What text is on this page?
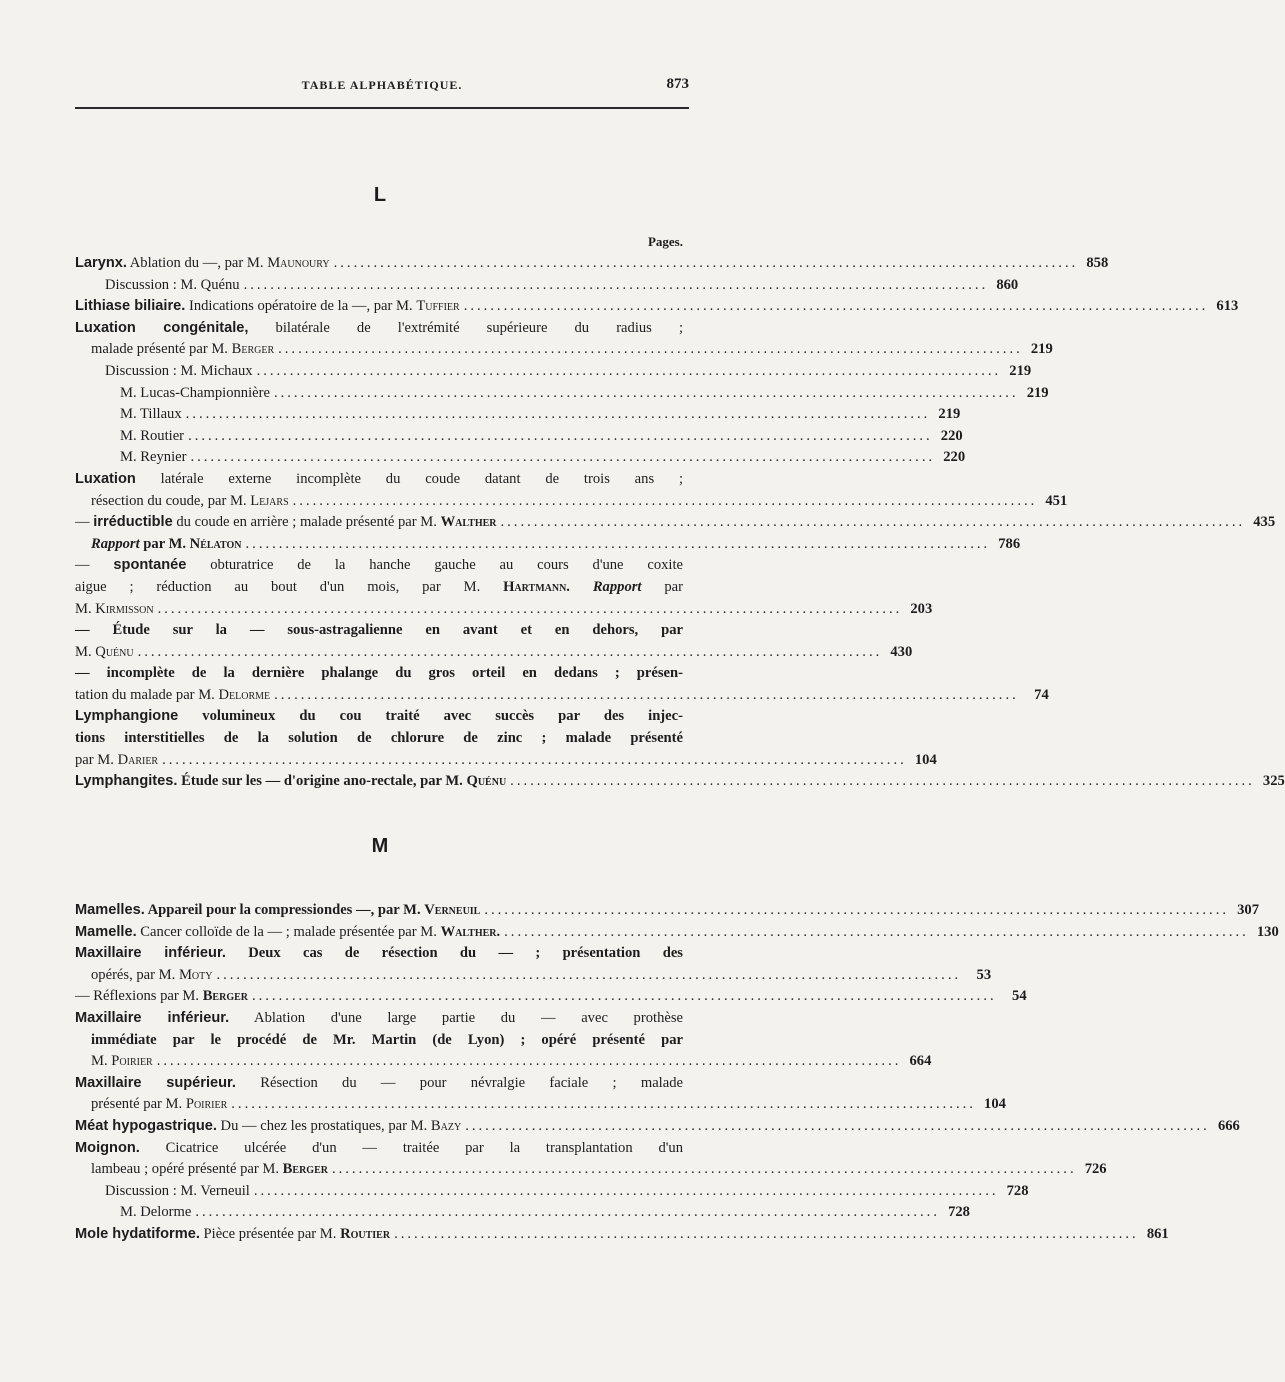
TABLE ALPHABÉTIQUE.	873
L
Pages.

Larynx. Ablation du —, par M. Maunoury ................................................................................................................ 858
Discussion : M. Quénu ................................................................................................................ 860

Lithiase biliaire. Indications opératoire de la —, par M. Tuffier ................................................................................................................ 613

Luxation congénitale, bilatérale de l'extrémité supérieure du radius ;
malade présenté par M. Berger ................................................................................................................ 219
Discussion : M. Michaux ................................................................................................................ 219
M. Lucas-Championnière ................................................................................................................ 219
M. Tillaux ................................................................................................................ 219
M. Routier ................................................................................................................ 220
M. Reynier ................................................................................................................ 220

Luxation latérale externe incomplète du coude datant de trois ans ;
résection du coude, par M. Lejars ................................................................................................................ 451

— irréductible du coude en arrière ; malade présenté par M. Walther ................................................................................................................ 435
Rapport par M. Nélaton ................................................................................................................ 786

— spontanée obturatrice de la hanche gauche au cours d'une coxite
aigue ; réduction au bout d'un mois, par M. Hartmann. Rapport par
M. Kirmisson ................................................................................................................ 203

— Étude sur la — sous-astragalienne en avant et en dehors, par
M. Quénu ................................................................................................................ 430

— incomplète de la dernière phalange du gros orteil en dedans ; présen-
tation du malade par M. Delorme ................................................................................................................	74

Lymphangione volumineux du cou traité avec succès par des injec-
tions interstitielles de la solution de chlorure de zinc ; malade présenté
par M. Darier ................................................................................................................ 104

Lymphangites. Étude sur les — d'origine ano-rectale, par M. Quénu ................................................................................................................ 325

M

Mamelles. Appareil pour la compressiondes —, par M. Verneuil ................................................................................................................ 307

Mamelle. Cancer colloïde de la — ; malade présentée par M. Walther. ................................................................................................................ 130

Maxillaire inférieur. Deux cas de résection du — ; présentation des
opérés, par M. Moty ................................................................................................................	53

— Réflexions par M. Berger ................................................................................................................	54

Maxillaire inférieur. Ablation d'une large partie du — avec prothèse
immédiate par le procédé de Mr. Martin (de Lyon) ; opéré présenté par
M. Poirier ................................................................................................................ 664

Maxillaire supérieur. Résection du — pour névralgie faciale ; malade
présenté par M. Poirier ................................................................................................................ 104

Méat hypogastrique. Du — chez les prostatiques, par M. Bazy ................................................................................................................ 666

Moignon. Cicatrice ulcérée d'un — traitée par la transplantation d'un
lambeau ; opéré présenté par M. Berger ................................................................................................................ 726
Discussion : M. Verneuil ................................................................................................................ 728
M. Delorme ................................................................................................................ 728

Mole hydatiforme. Pièce présentée par M. Routier ................................................................................................................ 861
